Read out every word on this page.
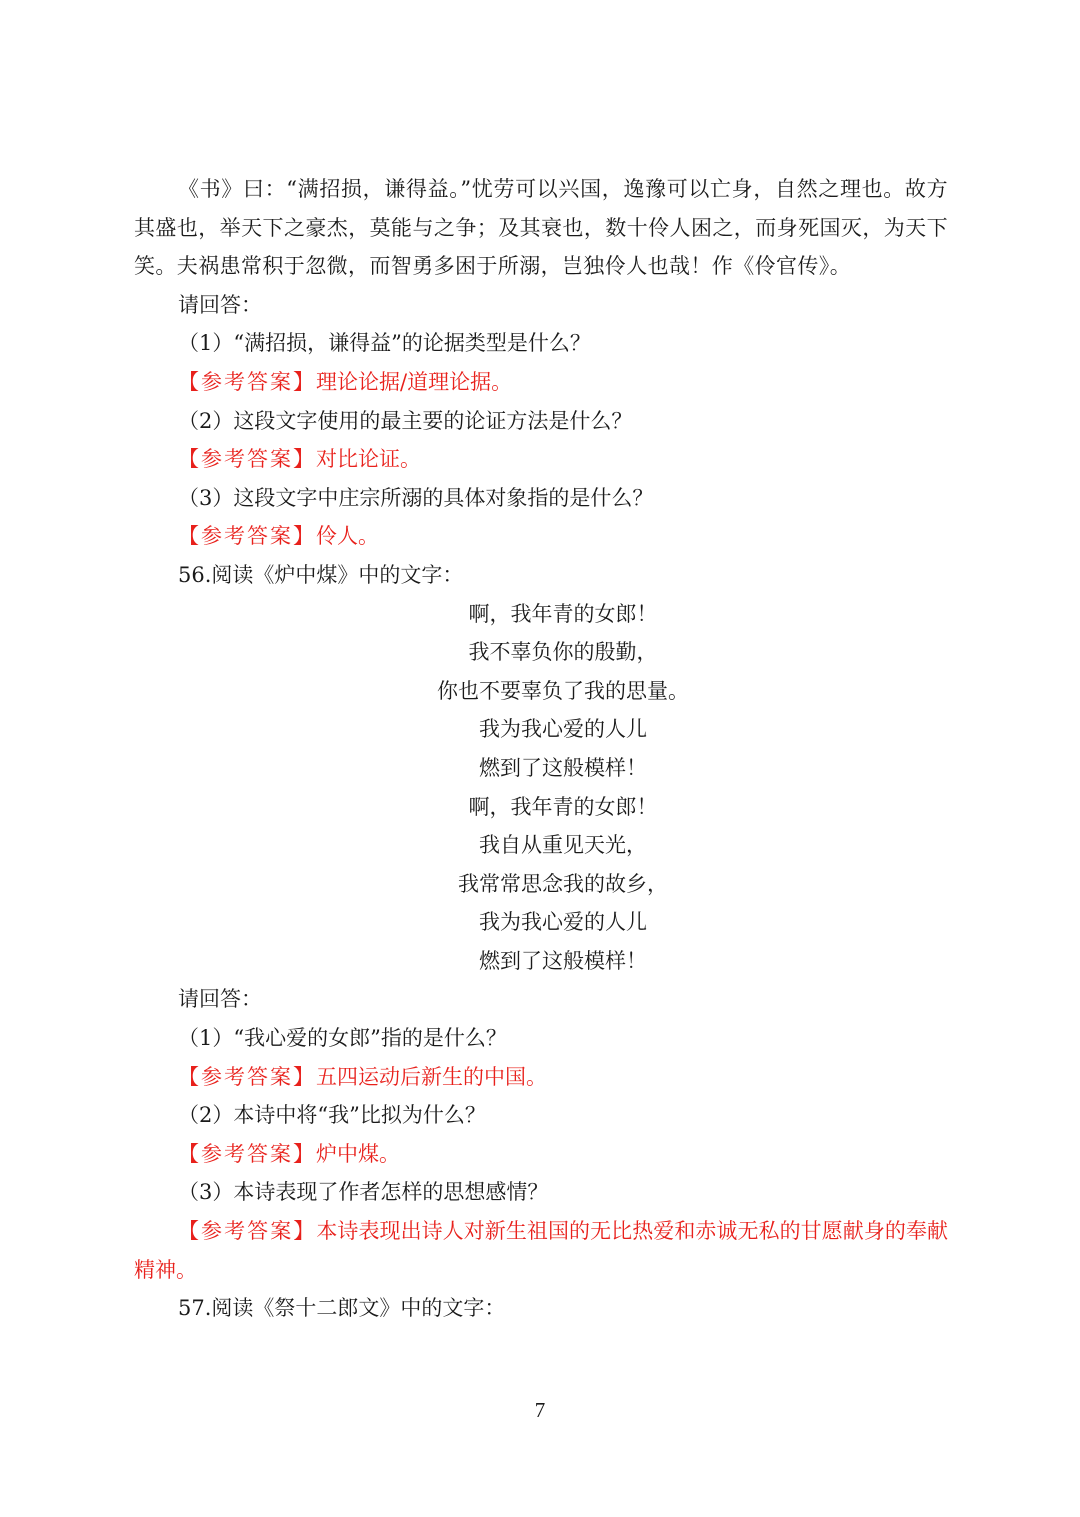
《书》曰：“满招损，谦得益。”忧劳可以兴国，逸豫可以亡身，自然之理也。故方其盛也，举天下之豪杰，莫能与之争；及其衰也，数十伶人困之，而身死国灭，为天下笑。夫祸患常积于忽微，而智勇多困于所溺，岂独伶人也哉！作《伶官传》。

请回答：

（1）“满招损，谦得益”的论据类型是什么？

【参考答案】理论论据/道理论据。

（2）这段文字使用的最主要的论证方法是什么？

【参考答案】对比论证。

（3）这段文字中庄宗所溺的具体对象指的是什么？

【参考答案】伶人。

56.阅读《炉中煤》中的文字：

啊，我年青的女郎！
我不辜负你的殷勤，
你也不要辜负了我的思量。
我为我心爱的人儿
燃到了这般模样！
啊，我年青的女郎！
我自从重见天光，
我常常思念我的故乡，
我为我心爱的人儿
燃到了这般模样！

请回答：

（1）“我心爱的女郎”指的是什么？

【参考答案】五四运动后新生的中国。

（2）本诗中将“我”比拟为什么？

【参考答案】炉中煤。

（3）本诗表现了作者怎样的思想感情？

【参考答案】本诗表现出诗人对新生祖国的无比热爱和赤诚无私的甘愿献身的奉献精神。

57.阅读《祭十二郎文》中的文字：

7
